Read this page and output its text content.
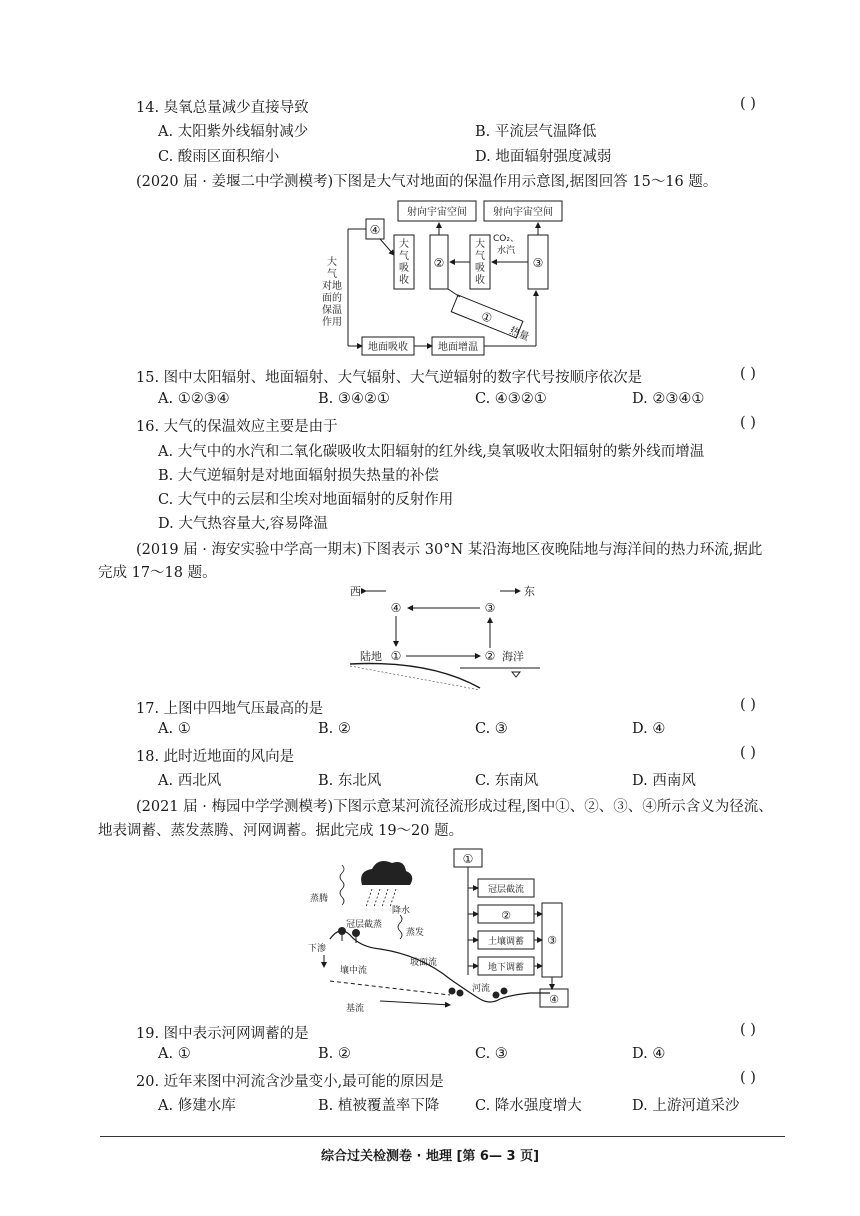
14. 臭氧总量减少直接导致	( )
A. 太阳紫外线辐射减少	B. 平流层气温降低
C. 酸雨区面积缩小	D. 地面辐射强度减弱
(2020 届 · 姜堰二中学测模考)下图是大气对地面的保温作用示意图,据图回答 15～16 题。
射向宇宙空间	射向宇宙空间
④
大
气
吸
收
②
大
气
吸
收
CO₂、
水汽
③
①
热量
大
气
对地
面的
保温
作用
地面吸收	地面增温
15. 图中太阳辐射、地面辐射、大气辐射、大气逆辐射的数字代号按顺序依次是	( )
A. ①②③④	B. ③④②①	C. ④③②①	D. ②③④①
16. 大气的保温效应主要是由于	( )
A. 大气中的水汽和二氧化碳吸收太阳辐射的红外线,臭氧吸收太阳辐射的紫外线而增温
B. 大气逆辐射是对地面辐射损失热量的补偿
C. 大气中的云层和尘埃对地面辐射的反射作用
D. 大气热容量大,容易降温
(2019 届 · 海安实验中学高一期末)下图表示 30°N 某沿海地区夜晚陆地与海洋间的热力环流,据此
完成 17～18 题。
西	东
④	③
陆地 ①	② 海洋
17. 上图中四地气压最高的是	( )
A. ①	B. ②	C. ③	D. ④
18. 此时近地面的风向是	( )
A. 西北风	B. 东北风	C. 东南风	D. 西南风
(2021 届 · 梅园中学学测模考)下图示意某河流径流形成过程,图中①、②、③、④所示含义为径流、
地表调蓄、蒸发蒸腾、河网调蓄。据此完成 19～20 题。
①
冠层截流
②
土壤调蓄
地下调蓄
③
④
降水
蒸腾
冠层截蒸
蒸发
下渗
坡面流
壤中流
河流
基流
19. 图中表示河网调蓄的是	( )
A. ①	B. ②	C. ③	D. ④
20. 近年来图中河流含沙量变小,最可能的原因是	( )
A. 修建水库	B. 植被覆盖率下降 C. 降水强度增大	D. 上游河道采沙
综合过关检测卷 · 地理 [第 6— 3 页]
